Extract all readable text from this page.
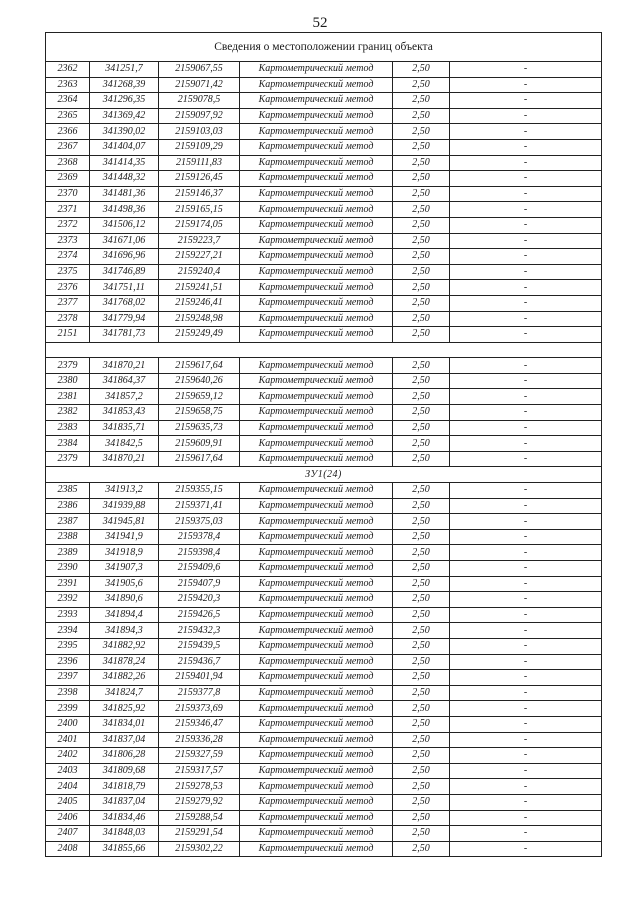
52
Сведения о местоположении границ объекта					
2362	341251,7	2159067,55	Картометрический метод	2,50	-
2363	341268,39	2159071,42	Картометрический метод	2,50	-
2364	341296,35	2159078,5	Картометрический метод	2,50	-
2365	341369,42	2159097,92	Картометрический метод	2,50	-
2366	341390,02	2159103,03	Картометрический метод	2,50	-
2367	341404,07	2159109,29	Картометрический метод	2,50	-
2368	341414,35	2159111,83	Картометрический метод	2,50	-
2369	341448,32	2159126,45	Картометрический метод	2,50	-
2370	341481,36	2159146,37	Картометрический метод	2,50	-
2371	341498,36	2159165,15	Картометрический метод	2,50	-
2372	341506,12	2159174,05	Картометрический метод	2,50	-
2373	341671,06	2159223,7	Картометрический метод	2,50	-
2374	341696,96	2159227,21	Картометрический метод	2,50	-
2375	341746,89	2159240,4	Картометрический метод	2,50	-
2376	341751,11	2159241,51	Картометрический метод	2,50	-
2377	341768,02	2159246,41	Картометрический метод	2,50	-
2378	341779,94	2159248,98	Картометрический метод	2,50	-
2151	341781,73	2159249,49	Картометрический метод	2,50	-

2379	341870,21	2159617,64	Картометрический метод	2,50	-
2380	341864,37	2159640,26	Картометрический метод	2,50	-
2381	341857,2	2159659,12	Картометрический метод	2,50	-
2382	341853,43	2159658,75	Картометрический метод	2,50	-
2383	341835,71	2159635,73	Картометрический метод	2,50	-
2384	341842,5	2159609,91	Картометрический метод	2,50	-
2379	341870,21	2159617,64	Картометрический метод	2,50	-
ЗУ1(24)					
2385	341913,2	2159355,15	Картометрический метод	2,50	-
2386	341939,88	2159371,41	Картометрический метод	2,50	-
2387	341945,81	2159375,03	Картометрический метод	2,50	-
2388	341941,9	2159378,4	Картометрический метод	2,50	-
2389	341918,9	2159398,4	Картометрический метод	2,50	-
2390	341907,3	2159409,6	Картометрический метод	2,50	-
2391	341905,6	2159407,9	Картометрический метод	2,50	-
2392	341890,6	2159420,3	Картометрический метод	2,50	-
2393	341894,4	2159426,5	Картометрический метод	2,50	-
2394	341894,3	2159432,3	Картометрический метод	2,50	-
2395	341882,92	2159439,5	Картометрический метод	2,50	-
2396	341878,24	2159436,7	Картометрический метод	2,50	-
2397	341882,26	2159401,94	Картометрический метод	2,50	-
2398	341824,7	2159377,8	Картометрический метод	2,50	-
2399	341825,92	2159373,69	Картометрический метод	2,50	-
2400	341834,01	2159346,47	Картометрический метод	2,50	-
2401	341837,04	2159336,28	Картометрический метод	2,50	-
2402	341806,28	2159327,59	Картометрический метод	2,50	-
2403	341809,68	2159317,57	Картометрический метод	2,50	-
2404	341818,79	2159278,53	Картометрический метод	2,50	-
2405	341837,04	2159279,92	Картометрический метод	2,50	-
2406	341834,46	2159288,54	Картометрический метод	2,50	-
2407	341848,03	2159291,54	Картометрический метод	2,50	-
2408	341855,66	2159302,22	Картометрический метод	2,50	-
